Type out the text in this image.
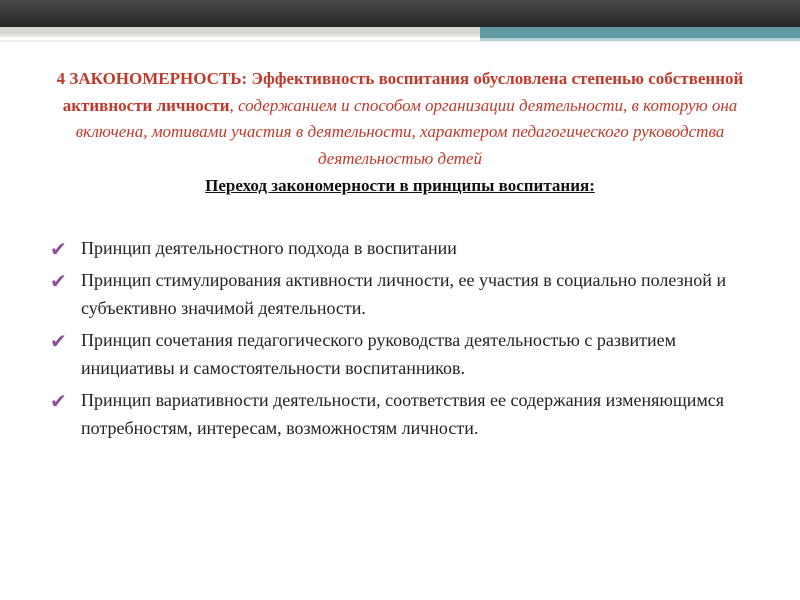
4 ЗАКОНОМЕРНОСТЬ: Эффективность воспитания обусловлена степенью собственной активности личности, содержанием и способом организации деятельности, в которую она включена, мотивами участия в деятельности, характером педагогического руководства деятельностью детей

Переход закономерности в принципы воспитания:
✔ Принцип деятельностного подхода в воспитании
✔ Принцип стимулирования активности личности, ее участия в социально полезной и субъективно значимой деятельности.
✔ Принцип сочетания педагогического руководства деятельностью с развитием инициативы и самостоятельности воспитанников.
✔ Принцип вариативности деятельности, соответствия ее содержания изменяющимся потребностям, интересам, возможностям личности.
